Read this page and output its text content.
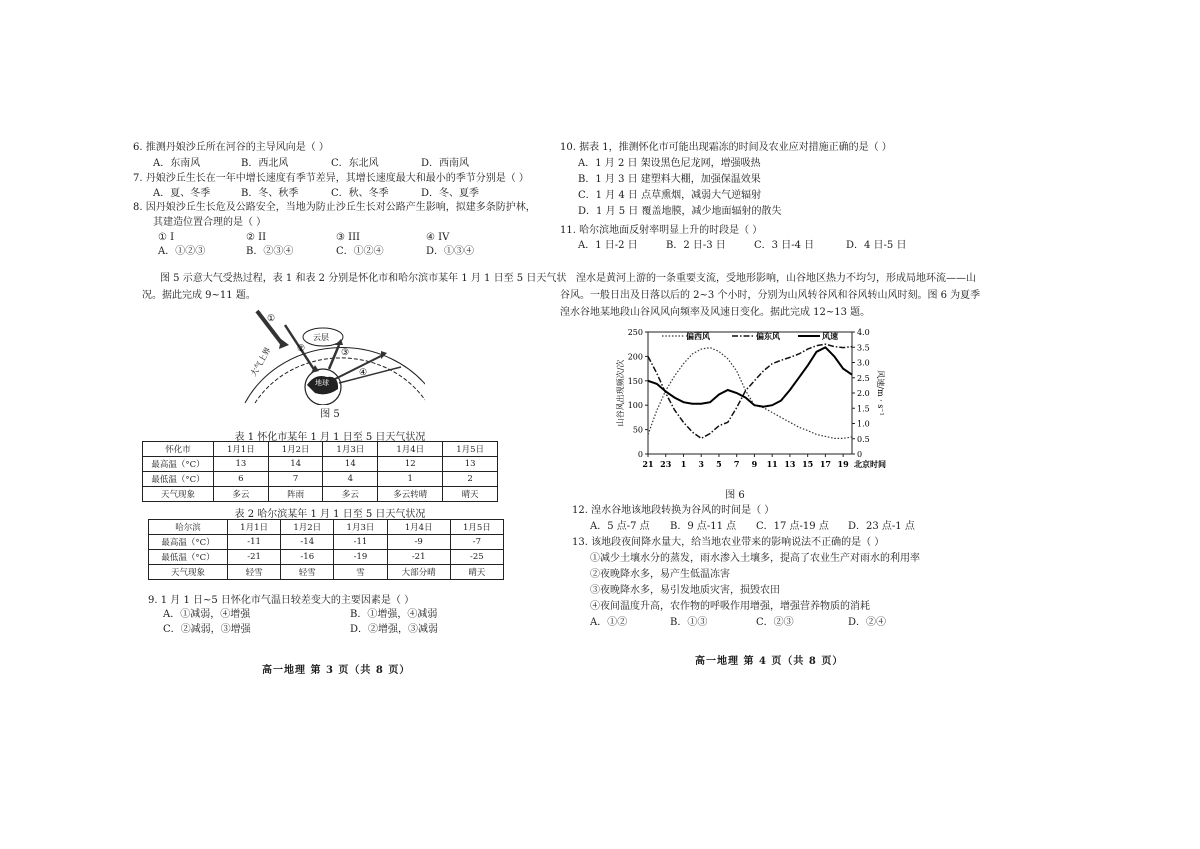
6. 推测丹娘沙丘所在河谷的主导风向是（ ）
A．东南风	B．西北风	C．东北风	D．西南风
7. 丹娘沙丘生长在一年中增长速度有季节差异，其增长速度最大和最小的季节分别是（ ）
A．夏、冬季	B．冬、秋季	C．秋、冬季	D．冬、夏季
8. 因丹娘沙丘生长危及公路安全，当地为防止沙丘生长对公路产生影响，拟建多条防护林，
其建造位置合理的是（ ）
① I	② II	③ III	④ IV
A．①②③	B．②③④	C．①②④	D．①③④
图 5 示意大气受热过程，表 1 和表 2 分别是怀化市和哈尔滨市某年 1 月 1 日至 5 日天气状
况。据此完成 9~11 题。
大气上界
云层
地球
①
②	③
④
图 5
表 1 怀化市某年 1 月 1 日至 5 日天气状况
怀化市	1月1日	1月2日	1月3日	1月4日	1月5日
最高温（°C）	13	14	14	12	13
最低温（°C）	6	7	4	1	2
天气现象	多云	阵雨	多云	多云转晴	晴天
表 2 哈尔滨某年 1 月 1 日至 5 日天气状况
哈尔滨	1月1日	1月2日	1月3日	1月4日	1月5日
最高温（°C）	-11	-14	-11	-9	-7
最低温（°C）	-21	-16	-19	-21	-25
天气现象	轻雪	轻雪	雪	大部分晴	晴天
9. 1 月 1 日~5 日怀化市气温日较差变大的主要因素是（ ）
A．①减弱，④增强	B．①增强，④减弱
C．②减弱，③增强	D．②增强，③减弱
高一地理 第 3 页（共 8 页）
10. 据表 1，推测怀化市可能出现霜冻的时间及农业应对措施正确的是（ ）
A．1 月 2 日 架设黑色尼龙网，增强吸热
B．1 月 3 日 建塑料大棚，加强保温效果
C．1 月 4 日 点草熏烟，减弱大气逆辐射
D．1 月 5 日 覆盖地膜，减少地面辐射的散失
11. 哈尔滨地面反射率明显上升的时段是（ ）
A．1 日-2 日	B．2 日-3 日	C．3 日-4 日	D．4 日-5 日
湟水是黄河上游的一条重要支流，受地形影响，山谷地区热力不均匀，形成局地环流——山
谷风。一般日出及日落以后的 2~3 个小时，分别为山风转谷风和谷风转山风时刻。图 6 为夏季
湟水谷地某地段山谷风风向频率及风速日变化。据此完成 12~13 题。
0
50
100
150
200
250
0
0.5
1.0
1.5
2.0
2.5
3.0
3.5
4.0
21 23 1 3 5 7 9 11 13 15 17 19 北京时间
山谷风出现频次/次	风速/m · s⁻¹
偏西风	偏东风	风速
图 6
12. 湟水谷地该地段转换为谷风的时间是（ ）
A．5 点-7 点 B．9 点-11 点 C．17 点-19 点 D．23 点-1 点
13. 该地段夜间降水量大，给当地农业带来的影响说法不正确的是（ ）
①减少土壤水分的蒸发，雨水渗入土壤多，提高了农业生产对雨水的利用率
②夜晚降水多，易产生低温冻害
③夜晚降水多，易引发地质灾害，损毁农田
④夜间温度升高，农作物的呼吸作用增强，增强营养物质的消耗
A．①②	B．①③	C．②③	D．②④
高一地理 第 4 页（共 8 页）
